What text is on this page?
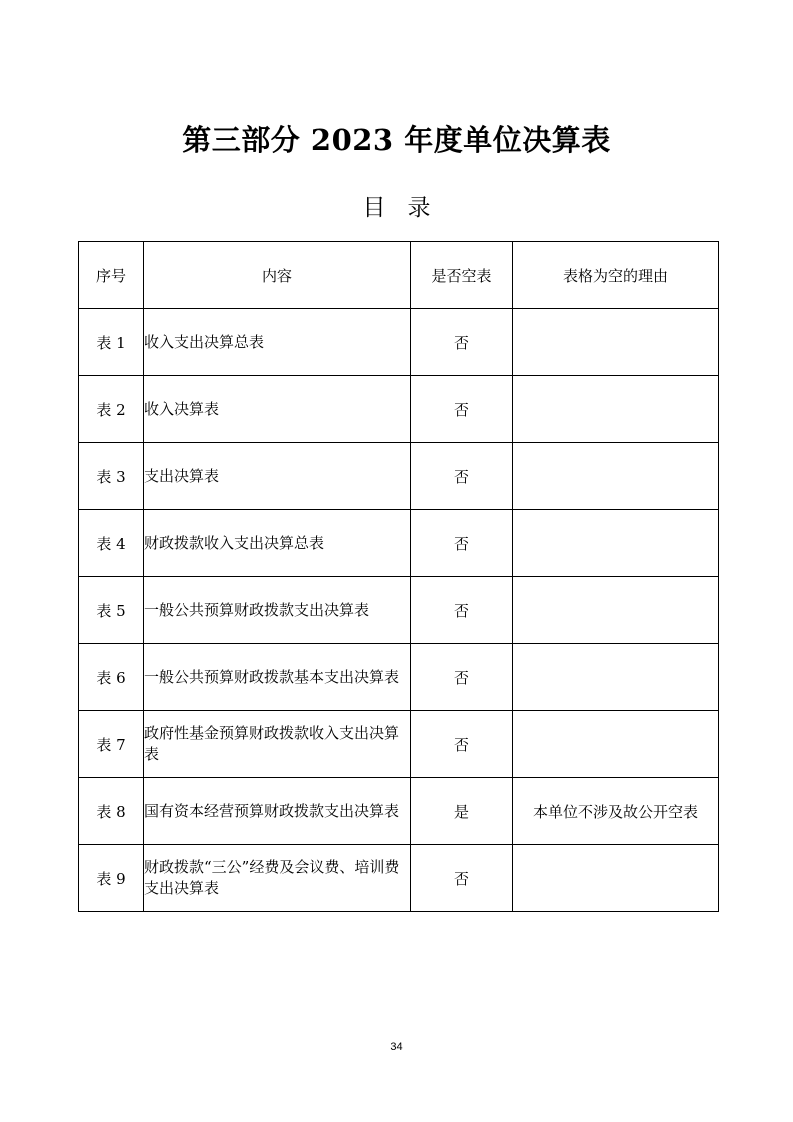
第三部分 2023 年度单位决算表
目录
序号	内容	是否空表	表格为空的理由
表 1	收入支出决算总表	否	
表 2	收入决算表	否	
表 3	支出决算表	否	
表 4	财政拨款收入支出决算总表	否	
表 5	一般公共预算财政拨款支出决算表	否	
表 6	一般公共预算财政拨款基本支出决算表	否	
表 7	政府性基金预算财政拨款收入支出决算表	否	
表 8	国有资本经营预算财政拨款支出决算表	是	本单位不涉及故公开空表
表 9	财政拨款“三公”经费及会议费、培训费支出决算表	否	
34
